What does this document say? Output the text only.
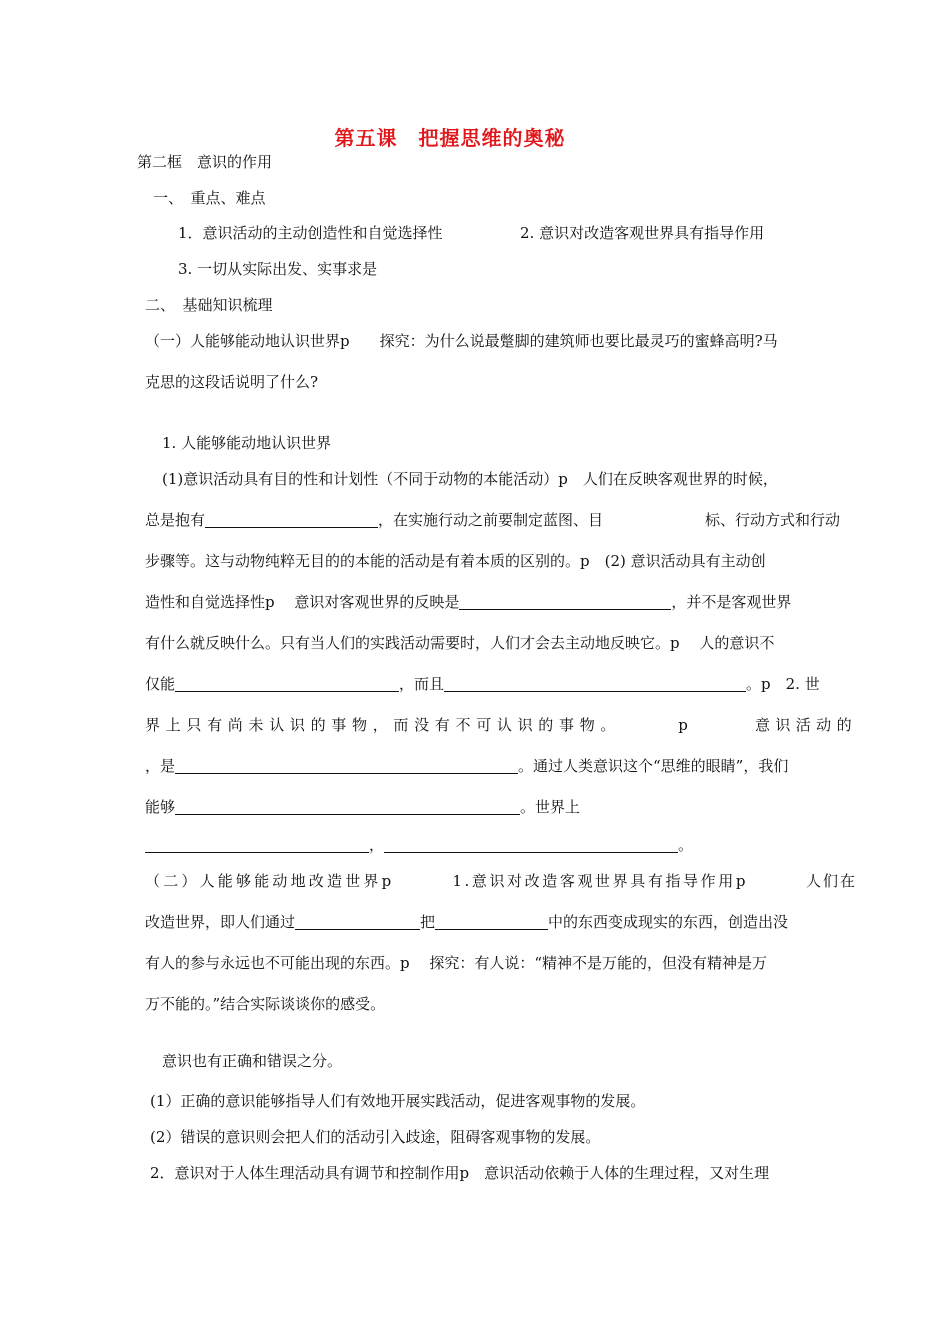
第五课　把握思维的奥秘
第二框　意识的作用
一、　重点、难点
1．意识活动的主动创造性和自觉选择性	2. 意识对改造客观世界具有指导作用
3. 一切从实际出发、实事求是
二、　基础知识梳理
（一）人能够能动地认识世界p　　探究：为什么说最蹩脚的建筑师也要比最灵巧的蜜蜂高明?马
克思的这段话说明了什么?
1. 人能够能动地认识世界
(1)意识活动具有目的性和计划性（不同于动物的本能活动）p　人们在反映客观世界的时候，
总是抱有	，在实施行动之前要制定蓝图、目	标、行动方式和行动
步骤等。这与动物纯粹无目的的本能的活动是有着本质的区别的。p　(2) 意识活动具有主动创
造性和自觉选择性p　 意识对客观世界的反映是	，并不是客观世界
有什么就反映什么。只有当人们的实践活动需要时，人们才会去主动地反映它。p　 人的意识不
仅能	，而且	。p　2. 世
界上只有尚未认识的事物，而没有不可认识的事物。	p	意识活动的
，是	。通过人类意识这个“思维的眼睛”，我们
能够	。世界上
，	。
（二）人能够能动地改造世界p	1.意识对改造客观世界具有指导作用p	人们在
改造世界，即人们通过	把	中的东西变成现实的东西，创造出没
有人的参与永远也不可能出现的东西。p　 探究：有人说：“精神不是万能的，但没有精神是万
万不能的。”结合实际谈谈你的感受。
意识也有正确和错误之分。
(1）正确的意识能够指导人们有效地开展实践活动，促进客观事物的发展。
(2）错误的意识则会把人们的活动引入歧途，阻碍客观事物的发展。
2．意识对于人体生理活动具有调节和控制作用p　意识活动依赖于人体的生理过程，又对生理
